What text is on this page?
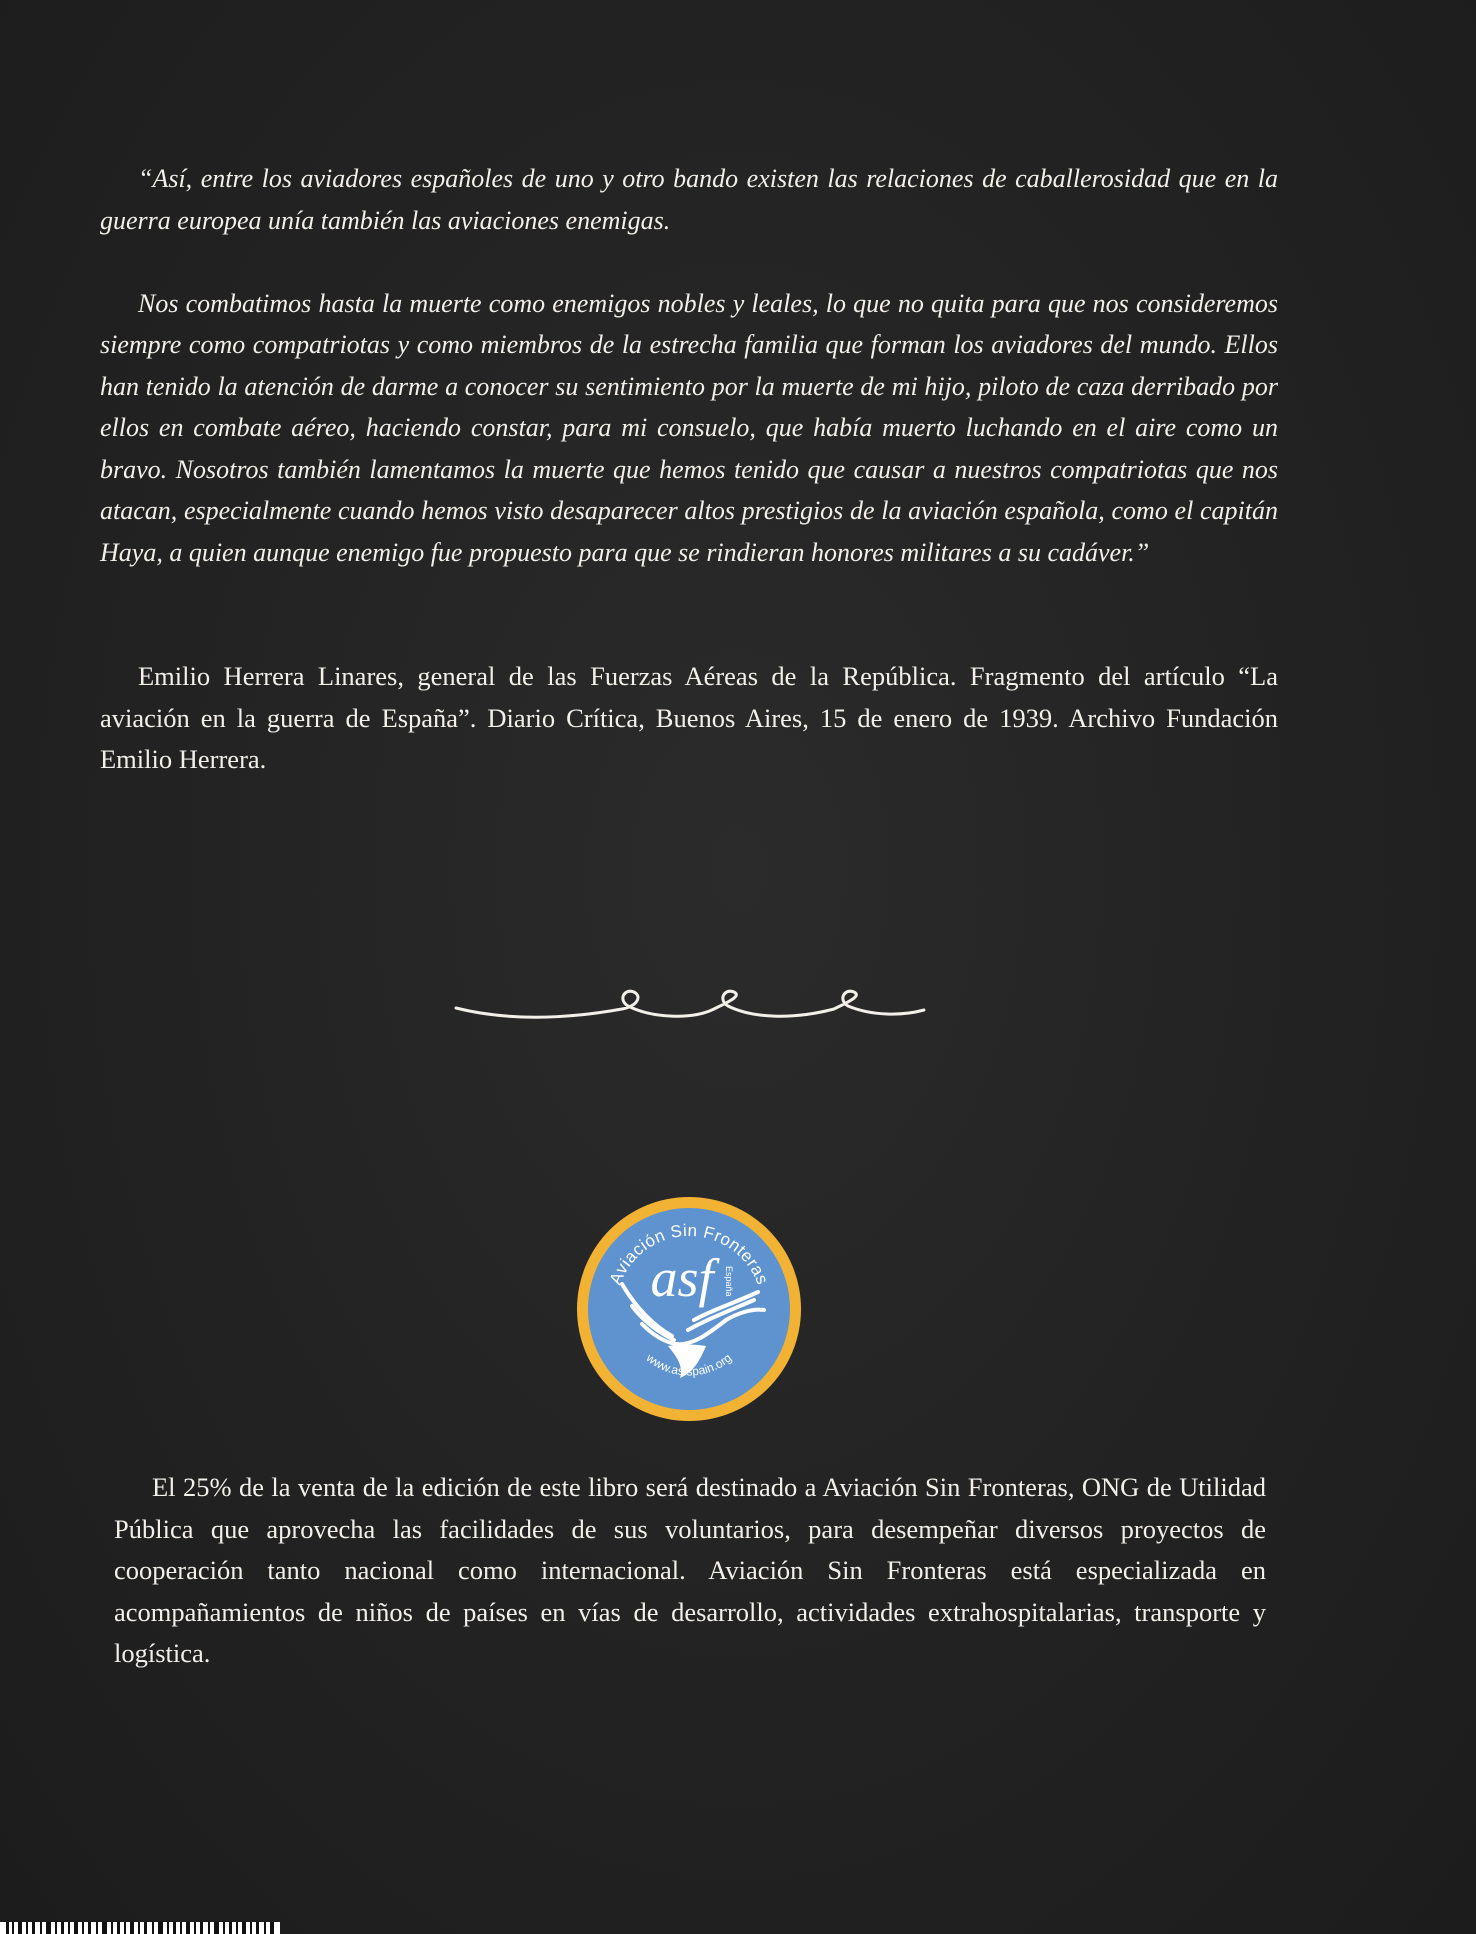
“Así, entre los aviadores españoles de uno y otro bando existen las relaciones de caballerosidad que en la guerra europea unía también las aviaciones enemigas.

Nos combatimos hasta la muerte como enemigos nobles y leales, lo que no quita para que nos consideremos siempre como compatriotas y como miembros de la estrecha familia que forman los aviadores del mundo. Ellos han tenido la atención de darme a conocer su sentimiento por la muerte de mi hijo, piloto de caza derribado por ellos en combate aéreo, haciendo constar, para mi consuelo, que había muerto luchando en el aire como un bravo. Nosotros también lamentamos la muerte que hemos tenido que causar a nuestros compatriotas que nos atacan, especialmente cuando hemos visto desaparecer altos prestigios de la aviación española, como el capitán Haya, a quien aunque enemigo fue propuesto para que se rindieran honores militares a su cadáver.”

Emilio Herrera Linares, general de las Fuerzas Aéreas de la República. Fragmento del artículo “La aviación en la guerra de España”. Diario Crítica, Buenos Aires, 15 de enero de 1939. Archivo Fundación Emilio Herrera.

Aviación Sin Fronteras
asf	España
www.asfspain.org

El 25% de la venta de la edición de este libro será destinado a Aviación Sin Fronteras, ONG de Utilidad Pública que aprovecha las facilidades de sus voluntarios, para desempeñar diversos proyectos de cooperación tanto nacional como internacional. Aviación Sin Fronteras está especializada en acompañamientos de niños de países en vías de desarrollo, actividades extrahospitalarias, transporte y logística.
